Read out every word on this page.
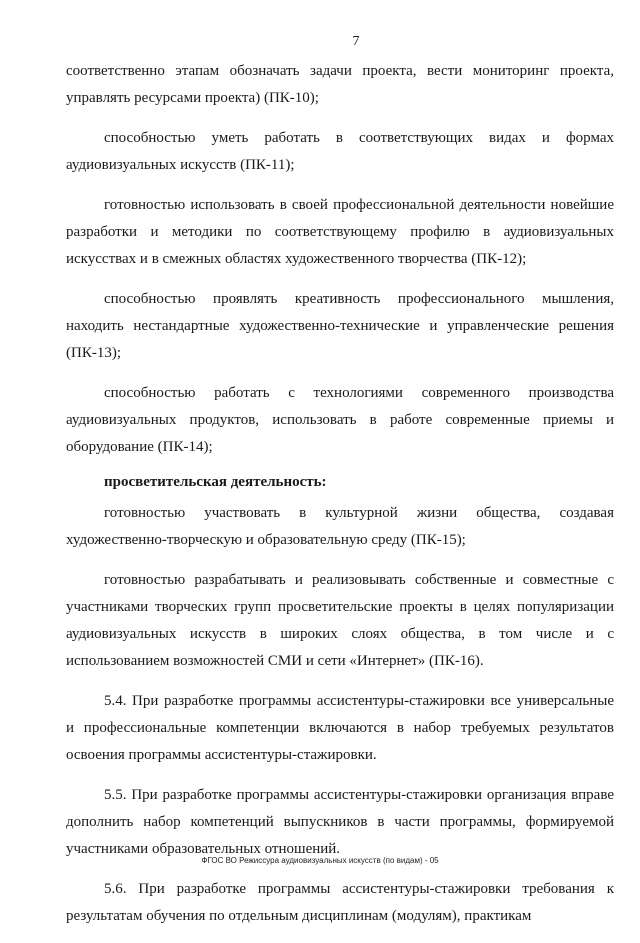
7

соответственно этапам обозначать задачи проекта, вести мониторинг проекта, управлять ресурсами проекта) (ПК-10);

способностью уметь работать в соответствующих видах и формах аудиовизуальных искусств (ПК-11);

готовностью использовать в своей профессиональной деятельности новейшие разработки и методики по соответствующему профилю в аудиовизуальных искусствах и в смежных областях художественного творчества (ПК-12);

способностью проявлять креативность профессионального мышления, находить нестандартные художественно-технические и управленческие решения (ПК-13);

способностью работать с технологиями современного производства аудиовизуальных продуктов, использовать в работе современные приемы и оборудование (ПК-14);

просветительская деятельность:

готовностью участвовать в культурной жизни общества, создавая художественно-творческую и образовательную среду (ПК-15);

готовностью разрабатывать и реализовывать собственные и совместные с участниками творческих групп просветительские проекты в целях популяризации аудиовизуальных искусств в широких слоях общества, в том числе и с использованием возможностей СМИ и сети «Интернет» (ПК-16).

5.4. При разработке программы ассистентуры-стажировки все универсальные и профессиональные компетенции включаются в набор требуемых результатов освоения программы ассистентуры-стажировки.

5.5. При разработке программы ассистентуры-стажировки организация вправе дополнить набор компетенций выпускников в части программы, формируемой участниками образовательных отношений.

5.6. При разработке программы ассистентуры-стажировки требования к результатам обучения по отдельным дисциплинам (модулям), практикам

ФГОС ВО Режиссура аудиовизуальных искусств (по видам) - 05
